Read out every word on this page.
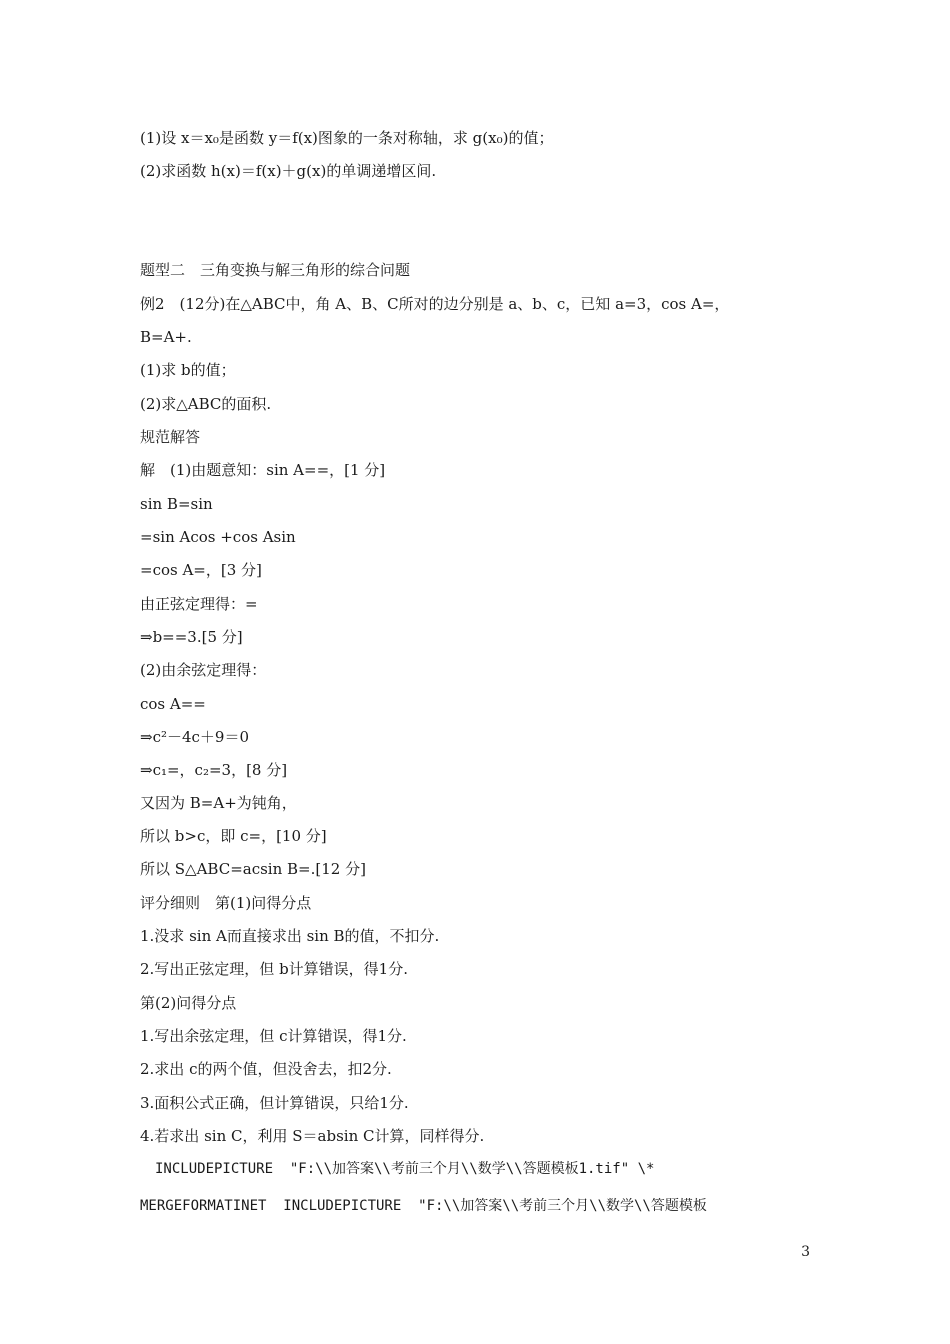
(1)设 x＝x₀是函数 y＝f(x)图象的一条对称轴，求 g(x₀)的值；
(2)求函数 h(x)＝f(x)＋g(x)的单调递增区间.
题型二　三角变换与解三角形的综合问题
例2　(12分)在△ABC中，角 A、B、C所对的边分别是 a、b、c，已知 a=3，cos A=，
B=A+.
(1)求 b的值；
(2)求△ABC的面积.
规范解答
解　(1)由题意知：sin A==，[1 分]
sin B=sin
=sin Acos +cos Asin
=cos A=，[3 分]
由正弦定理得：=
⇒b==3.[5 分]
(2)由余弦定理得：
cos A==
⇒c²－4c＋9＝0
⇒c₁=，c₂=3，[8 分]
又因为 B=A+为钝角，
所以 b>c，即 c=，[10 分]
所以 S△ABC=acsin B=.[12 分]
评分细则　第(1)问得分点
1.没求 sin A而直接求出 sin B的值，不扣分.
2.写出正弦定理，但 b计算错误，得1分.
第(2)问得分点
1.写出余弦定理，但 c计算错误，得1分.
2.求出 c的两个值，但没舍去，扣2分.
3.面积公式正确，但计算错误，只给1分.
4.若求出 sin C，利用 S＝absin C计算，同样得分.
INCLUDEPICTURE  "F:\\加答案\\考前三个月\\数学\\答题模板1.tif" \*
MERGEFORMATINET  INCLUDEPICTURE  "F:\\加答案\\考前三个月\\数学\\答题模板
3
